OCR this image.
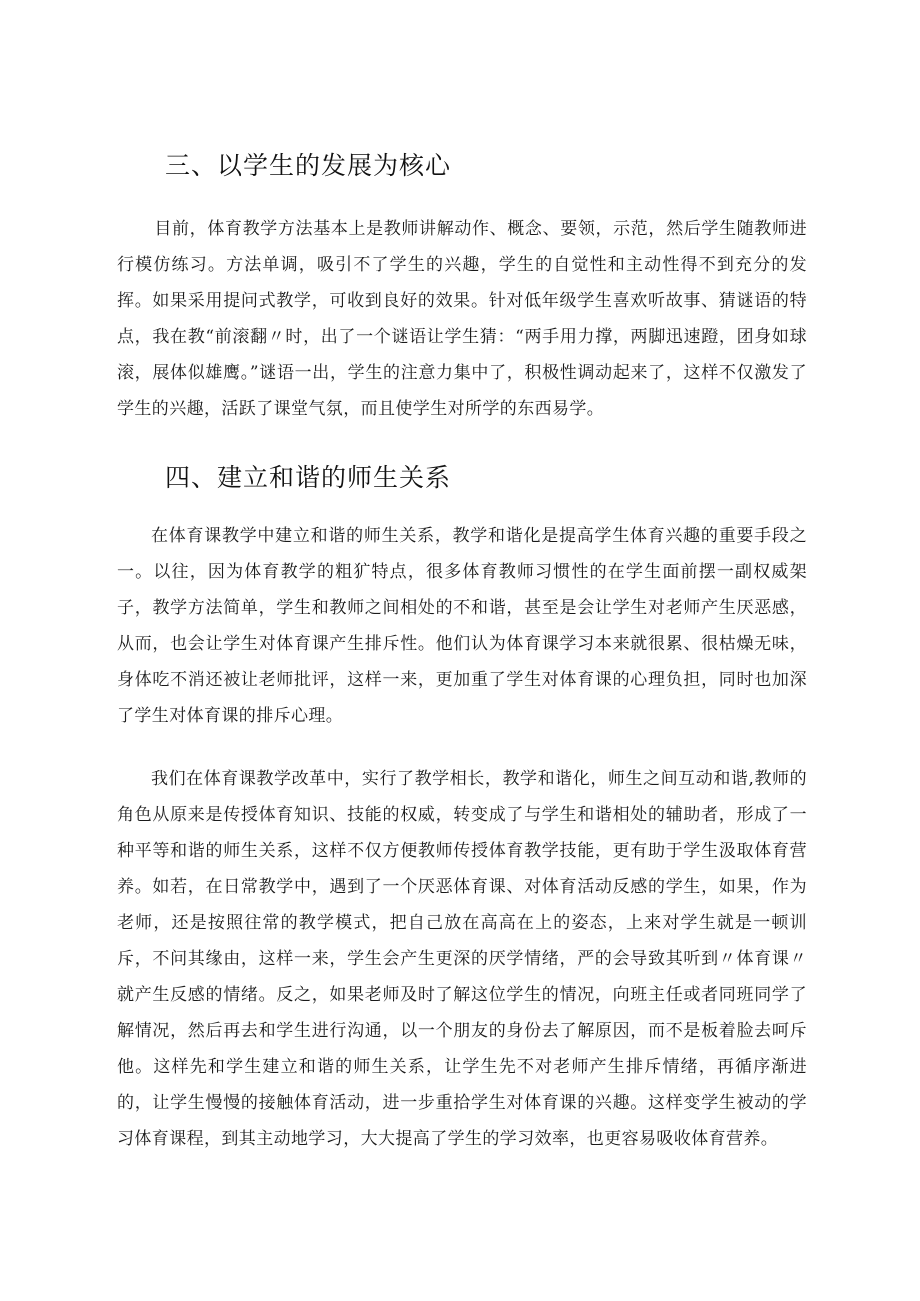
三、以学生的发展为核心

目前，体育教学方法基本上是教师讲解动作、概念、要领，示范，然后学生随教师进行模仿练习。方法单调，吸引不了学生的兴趣，学生的自觉性和主动性得不到充分的发挥。如果采用提问式教学，可收到良好的效果。针对低年级学生喜欢听故事、猜谜语的特点，我在教“前滚翻〃时，出了一个谜语让学生猜：“两手用力撑，两脚迅速蹬，团身如球滚，展体似雄鹰。”谜语一出，学生的注意力集中了，积极性调动起来了，这样不仅激发了学生的兴趣，活跃了课堂气氛，而且使学生对所学的东西易学。

四、建立和谐的师生关系

在体育课教学中建立和谐的师生关系，教学和谐化是提高学生体育兴趣的重要手段之一。以往，因为体育教学的粗犷特点，很多体育教师习惯性的在学生面前摆一副权威架子，教学方法简单，学生和教师之间相处的不和谐，甚至是会让学生对老师产生厌恶感，从而，也会让学生对体育课产生排斥性。他们认为体育课学习本来就很累、很枯燥无味，身体吃不消还被让老师批评，这样一来，更加重了学生对体育课的心理负担，同时也加深了学生对体育课的排斥心理。

我们在体育课教学改革中，实行了教学相长，教学和谐化，师生之间互动和谐,教师的角色从原来是传授体育知识、技能的权威，转变成了与学生和谐相处的辅助者，形成了一种平等和谐的师生关系，这样不仅方便教师传授体育教学技能，更有助于学生汲取体育营养。如若，在日常教学中，遇到了一个厌恶体育课、对体育活动反感的学生，如果，作为老师，还是按照往常的教学模式，把自己放在高高在上的姿态，上来对学生就是一顿训斥，不问其缘由，这样一来，学生会产生更深的厌学情绪，严的会导致其听到〃体育课〃就产生反感的情绪。反之，如果老师及时了解这位学生的情况，向班主任或者同班同学了解情况，然后再去和学生进行沟通，以一个朋友的身份去了解原因，而不是板着脸去呵斥他。这样先和学生建立和谐的师生关系，让学生先不对老师产生排斥情绪，再循序渐进的，让学生慢慢的接触体育活动，进一步重拾学生对体育课的兴趣。这样变学生被动的学习体育课程，到其主动地学习，大大提高了学生的学习效率，也更容易吸收体育营养。
